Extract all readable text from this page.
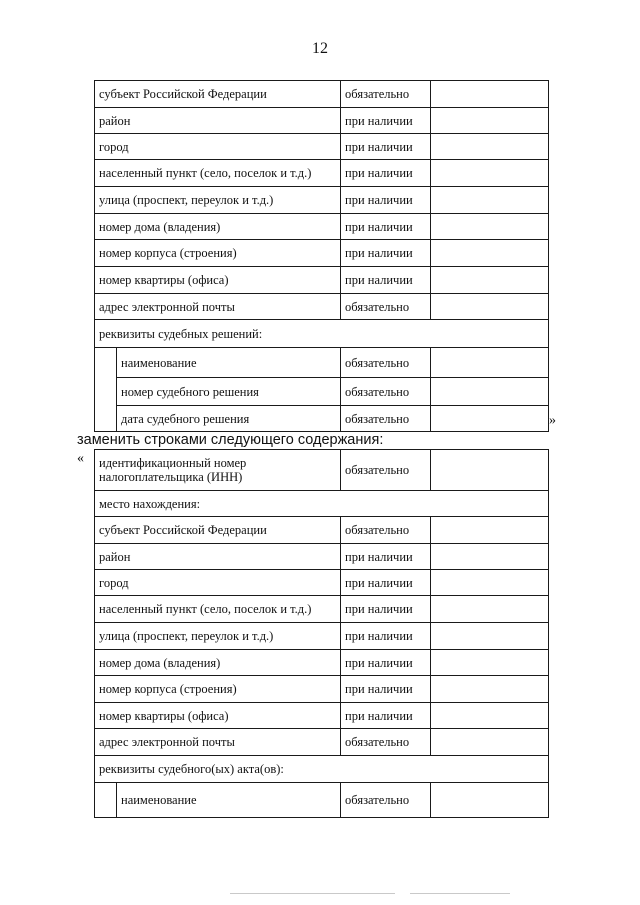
12
субъект Российской Федерации		обязательно	
район		при наличии	
город		при наличии	
населенный пункт (село, поселок и т.д.)		при наличии	
улица (проспект, переулок и т.д.)		при наличии	
номер дома (владения)		при наличии	
номер корпуса (строения)		при наличии	
номер квартиры (офиса)		при наличии	
адрес электронной почты		обязательно	
реквизиты судебных решений:			
	наименование	обязательно	
	номер судебного решения	обязательно	
	дата судебного решения	обязательно		»
заменить строками следующего содержания:
« идентификационный номер налогоплательщика (ИНН)		обязательно	
место нахождения:			
субъект Российской Федерации		обязательно	
район		при наличии	
город		при наличии	
населенный пункт (село, поселок и т.д.)		при наличии	
улица (проспект, переулок и т.д.)		при наличии	
номер дома (владения)		при наличии	
номер корпуса (строения)		при наличии	
номер квартиры (офиса)		при наличии	
адрес электронной почты		обязательно	
реквизиты судебного(ых) акта(ов):			
	наименование	обязательно	
